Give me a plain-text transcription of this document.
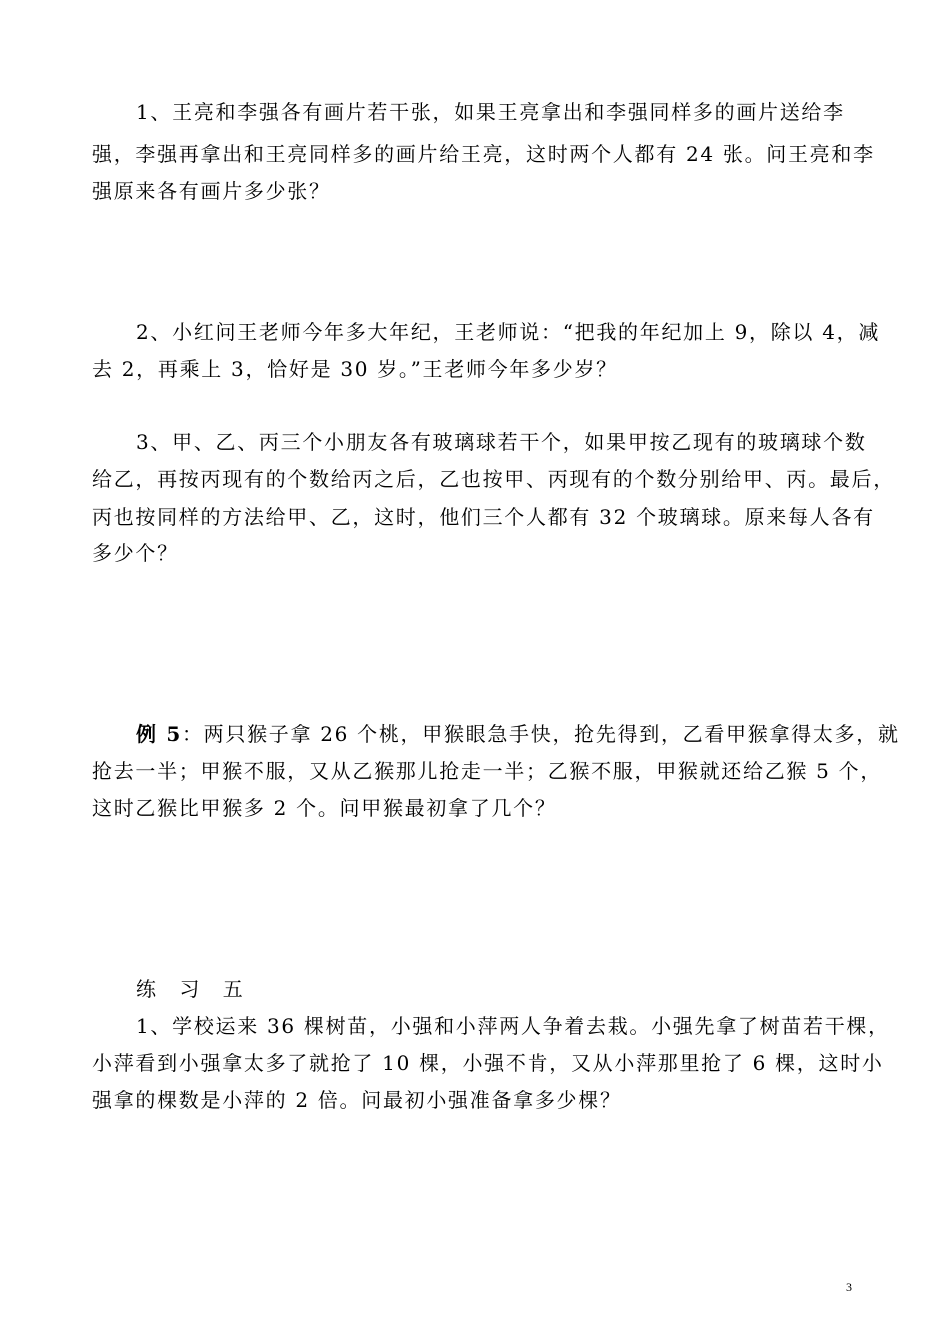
1、王亮和李强各有画片若干张，如果王亮拿出和李强同样多的画片送给李
强，李强再拿出和王亮同样多的画片给王亮，这时两个人都有 24 张。问王亮和李
强原来各有画片多少张？
2、小红问王老师今年多大年纪，王老师说：“把我的年纪加上 9，除以 4，减
去 2，再乘上 3，恰好是 30 岁。”王老师今年多少岁？
3、甲、乙、丙三个小朋友各有玻璃球若干个，如果甲按乙现有的玻璃球个数
给乙，再按丙现有的个数给丙之后，乙也按甲、丙现有的个数分别给甲、丙。最后，
丙也按同样的方法给甲、乙，这时，他们三个人都有 32 个玻璃球。原来每人各有
多少个？
例 5：两只猴子拿 26 个桃，甲猴眼急手快，抢先得到，乙看甲猴拿得太多，就
抢去一半；甲猴不服，又从乙猴那儿抢走一半；乙猴不服，甲猴就还给乙猴 5 个，
这时乙猴比甲猴多 2 个。问甲猴最初拿了几个？
练　习　五
1、学校运来 36 棵树苗，小强和小萍两人争着去栽。小强先拿了树苗若干棵，
小萍看到小强拿太多了就抢了 10 棵，小强不肯，又从小萍那里抢了 6 棵，这时小
强拿的棵数是小萍的 2 倍。问最初小强准备拿多少棵？
3
